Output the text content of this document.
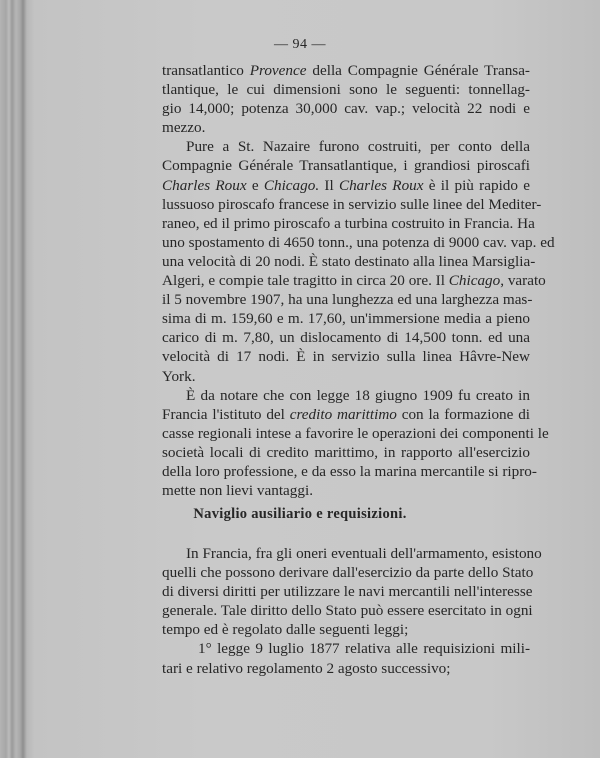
— 94 —

transatlantico Provence della Compagnie Générale Transa-
tlantique, le cui dimensioni sono le seguenti: tonnellag-
gio 14,000; potenza 30,000 cav. vap.; velocità 22 nodi e
mezzo.

Pure a St. Nazaire furono costruiti, per conto della
Compagnie Générale Transatlantique, i grandiosi piroscafi
Charles Roux e Chicago. Il Charles Roux è il più rapido e
lussuoso piroscafo francese in servizio sulle linee del Mediter-
raneo, ed il primo piroscafo a turbina costruito in Francia. Ha
uno spostamento di 4650 tonn., una potenza di 9000 cav. vap. ed
una velocità di 20 nodi. È stato destinato alla linea Marsiglia-
Algeri, e compie tale tragitto in circa 20 ore. Il Chicago, varato
il 5 novembre 1907, ha una lunghezza ed una larghezza mas-
sima di m. 159,60 e m. 17,60, un'immersione media a pieno
carico di m. 7,80, un dislocamento di 14,500 tonn. ed una
velocità di 17 nodi. È in servizio sulla linea Hâvre-New
York.

È da notare che con legge 18 giugno 1909 fu creato in
Francia l'istituto del credito marittimo con la formazione di
casse regionali intese a favorire le operazioni dei componenti le
società locali di credito marittimo, in rapporto all'esercizio
della loro professione, e da esso la marina mercantile si ripro-
mette non lievi vantaggi.

Naviglio ausiliario e requisizioni.

In Francia, fra gli oneri eventuali dell'armamento, esistono
quelli che possono derivare dall'esercizio da parte dello Stato
di diversi diritti per utilizzare le navi mercantili nell'interesse
generale. Tale diritto dello Stato può essere esercitato in ogni
tempo ed è regolato dalle seguenti leggi;

1° legge 9 luglio 1877 relativa alle requisizioni mili-
tari e relativo regolamento 2 agosto successivo;
